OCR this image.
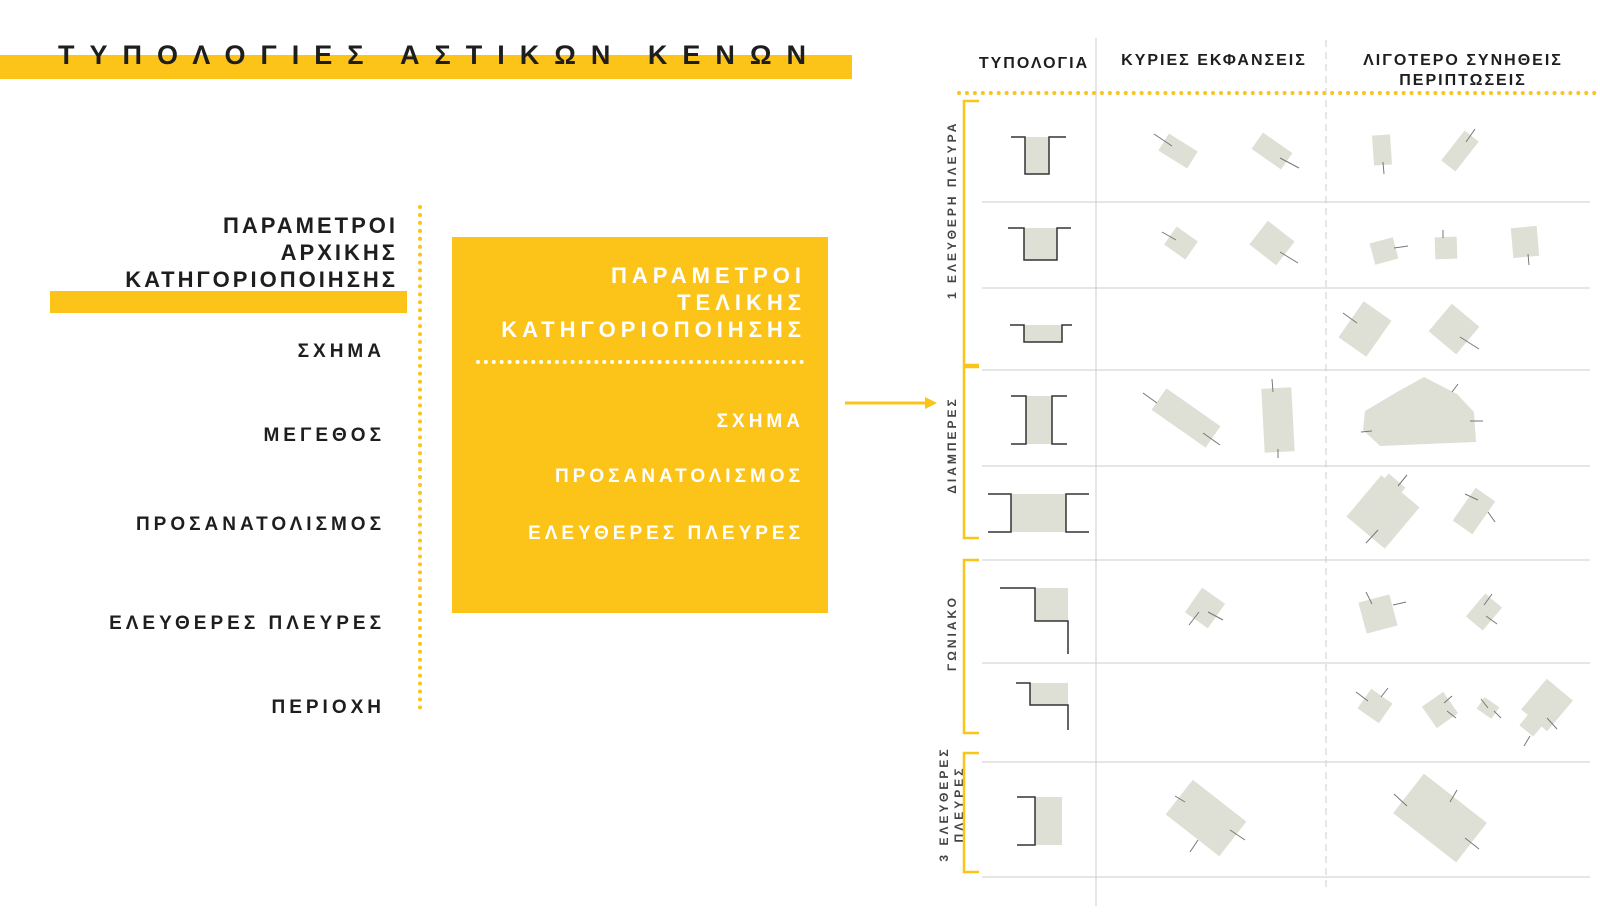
ΤΥΠΟΛΟΓΙΕΣ ΑΣΤΙΚΩΝ ΚΕΝΩΝ
ΠΑΡΑΜΕΤΡΟΙ
ΑΡΧΙΚΗΣ
ΚΑΤΗΓΟΡΙΟΠΟΙΗΣΗΣ
ΣΧΗΜΑ
ΜΕΓΕΘΟΣ
ΠΡΟΣΑΝΑΤΟΛΙΣΜΟΣ
ΕΛΕΥΘΕΡΕΣ ΠΛΕΥΡΕΣ
ΠΕΡΙΟΧΗ
ΠΑΡΑΜΕΤΡΟΙ
ΤΕΛΙΚΗΣ
ΚΑΤΗΓΟΡΙΟΠΟΙΗΣΗΣ
ΣΧΗΜΑ
ΠΡΟΣΑΝΑΤΟΛΙΣΜΟΣ
ΕΛΕΥΘΕΡΕΣ ΠΛΕΥΡΕΣ
ΤΥΠΟΛΟΓΙΑ	ΚΥΡΙΕΣ ΕΚΦΑΝΣΕΙΣ	ΛΙΓΟΤΕΡΟ ΣΥΝΗΘΕΙΣ ΠΕΡΙΠΤΩΣΕΙΣ
1 ΕΛΕΥΘΕΡΗ ΠΛΕΥΡΑ
ΔΙΑΜΠΕΡΕΣ
ΓΩΝΙΑΚΟ
3 ΕΛΕΥΘΕΡΕΣ ΠΛΕΥΡΕΣ
